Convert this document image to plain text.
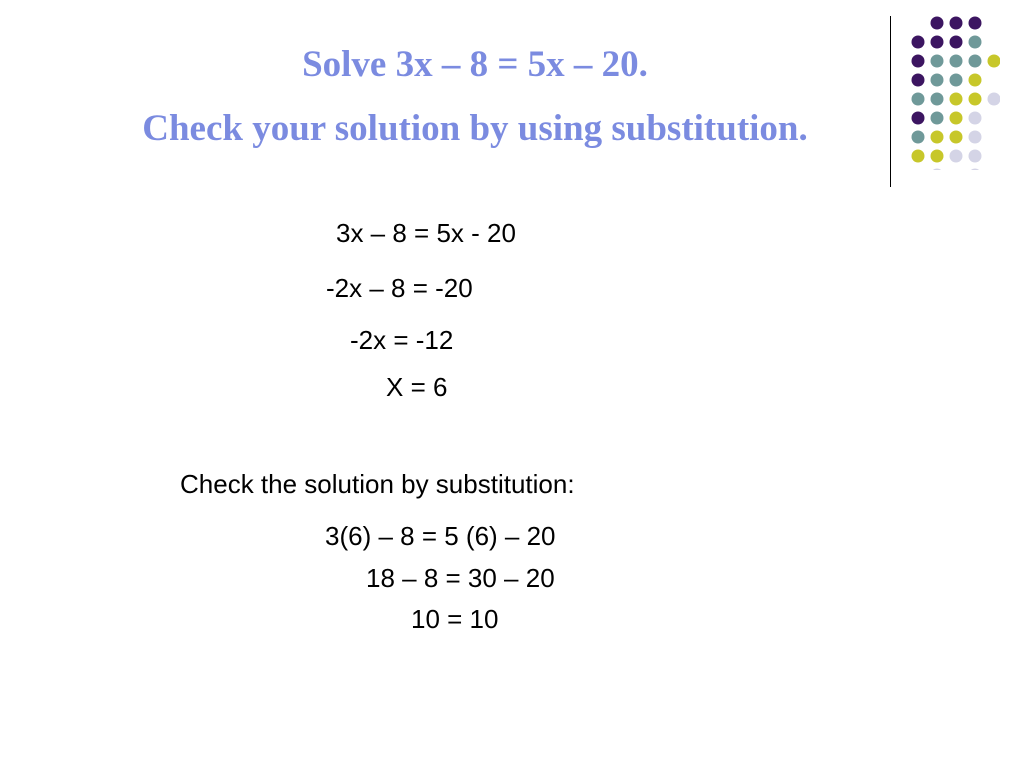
Solve 3x – 8 = 5x – 20.
Check your solution by using substitution.
3x – 8 = 5x - 20
-2x – 8 = -20
-2x = -12
X = 6
Check the solution by substitution:
3(6) – 8 = 5 (6) – 20
18 – 8 = 30 – 20
10 = 10
